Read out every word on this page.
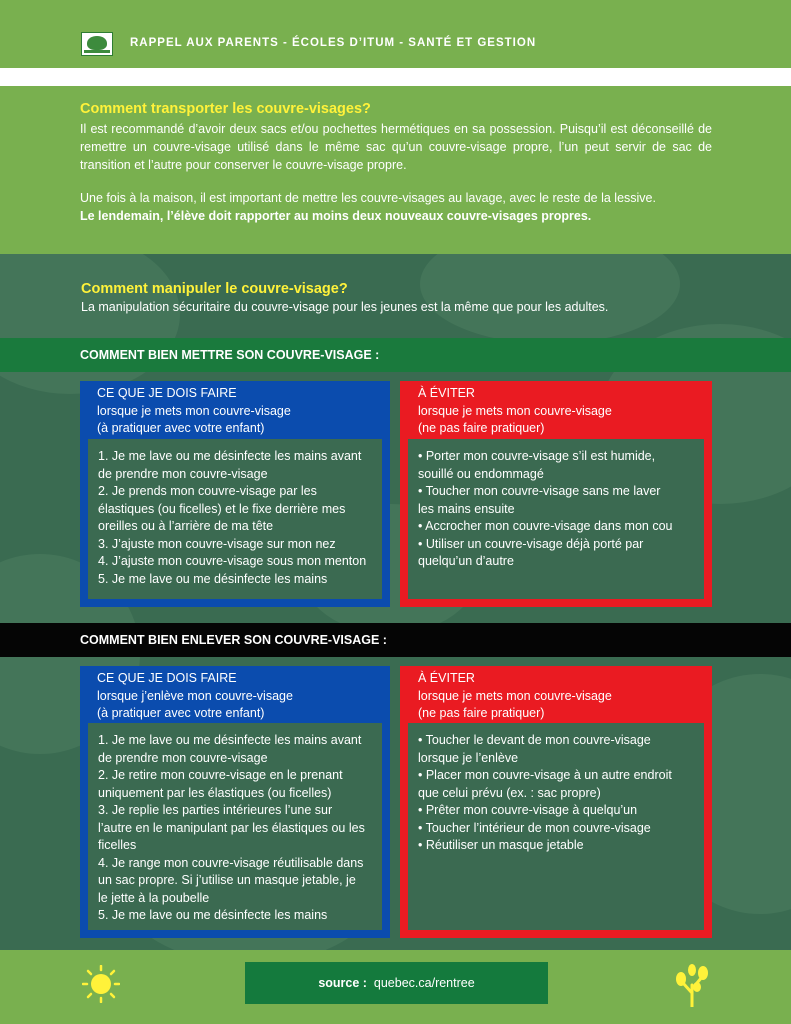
RAPPEL AUX PARENTS - ÉCOLES D’ITUM - SANTÉ ET GESTION
Comment transporter les couvre-visages?
Il est recommandé d’avoir deux sacs et/ou pochettes hermétiques en sa possession. Puisqu’il est déconseillé de remettre un couvre-visage utilisé dans le même sac qu’un couvre-visage propre, l’un peut servir de sac de transition et l’autre pour conserver le couvre-visage propre.
Une fois à la maison, il est important de mettre les couvre-visages au lavage, avec le reste de la lessive.
Le lendemain, l’élève doit rapporter au moins deux nouveaux couvre-visages propres.
Comment manipuler le couvre-visage?
La manipulation sécuritaire du couvre-visage pour les jeunes est la même que pour les adultes.
COMMENT BIEN METTRE SON COUVRE-VISAGE :
CE QUE JE DOIS FAIRE
lorsque je mets mon couvre-visage
(à pratiquer avec votre enfant)
1. Je me lave ou me désinfecte les mains avant
de prendre mon couvre-visage
2. Je prends mon couvre-visage par les
élastiques (ou ficelles) et le fixe derrière mes
oreilles ou à l’arrière de ma tête
3. J’ajuste mon couvre-visage sur mon nez
4. J’ajuste mon couvre-visage sous mon menton
5. Je me lave ou me désinfecte les mains
À ÉVITER
lorsque je mets mon couvre-visage
(ne pas faire pratiquer)
• Porter mon couvre-visage s’il est humide,
souillé ou endommagé
• Toucher mon couvre-visage sans me laver
les mains ensuite
• Accrocher mon couvre-visage dans mon cou
• Utiliser un couvre-visage déjà porté par
quelqu’un d’autre
COMMENT BIEN ENLEVER SON COUVRE-VISAGE :
CE QUE JE DOIS FAIRE
lorsque j’enlève mon couvre-visage
(à pratiquer avec votre enfant)
1. Je me lave ou me désinfecte les mains avant
de prendre mon couvre-visage
2. Je retire mon couvre-visage en le prenant
uniquement par les élastiques (ou ficelles)
3. Je replie les parties intérieures l’une sur
l’autre en le manipulant par les élastiques ou les
ficelles
4. Je range mon couvre-visage réutilisable dans
un sac propre. Si j’utilise un masque jetable, je
le jette à la poubelle
5. Je me lave ou me désinfecte les mains
À ÉVITER
lorsque je mets mon couvre-visage
(ne pas faire pratiquer)
• Toucher le devant de mon couvre-visage
lorsque je l’enlève
• Placer mon couvre-visage à un autre endroit
que celui prévu (ex. : sac propre)
• Prêter mon couvre-visage à quelqu’un
• Toucher l’intérieur de mon couvre-visage
• Réutiliser un masque jetable
source : quebec.ca/rentree
